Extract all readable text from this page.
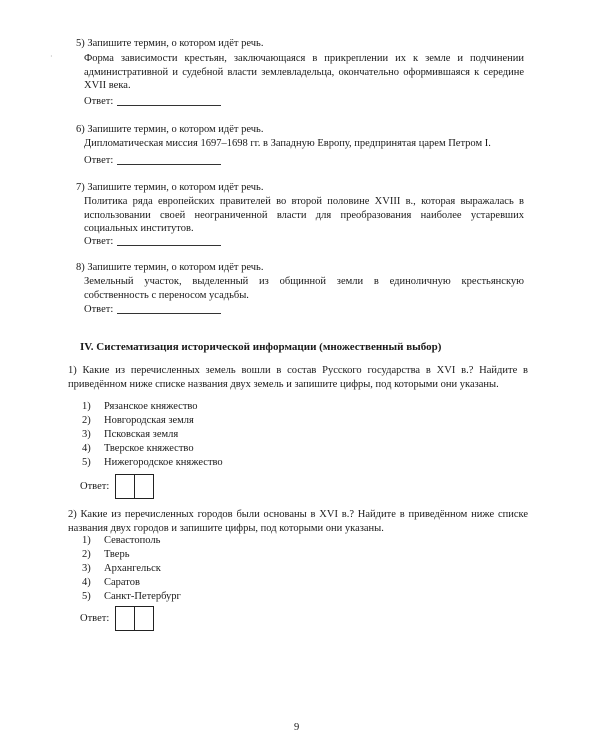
·
5) Запишите термин, о котором идёт речь.
Форма зависимости крестьян, заключающаяся в прикреплении их к земле и подчинении административной и судебной власти землевладельца, окончательно оформившаяся к середине XVII века.
Ответ:
6) Запишите термин, о котором идёт речь.
Дипломатическая миссия 1697–1698 гг. в Западную Европу, предпринятая царем Петром I.
Ответ:
7) Запишите термин, о котором идёт речь.
Политика ряда европейских правителей во второй половине XVIII в., которая выражалась в использовании своей неограниченной власти для преобразования наиболее устаревших социальных институтов.
Ответ:
8) Запишите термин, о котором идёт речь.
Земельный участок, выделенный из общинной земли в единоличную крестьянскую собственность с переносом усадьбы.
Ответ:
IV. Систематизация исторической информации (множественный выбор)
1) Какие из перечисленных земель вошли в состав Русского государства в XVI в.? Найдите в приведённом ниже списке названия двух земель и запишите цифры, под которыми они указаны.
1) Рязанское княжество
2) Новгородская земля
3) Псковская земля
4) Тверское княжество
5) Нижегородское княжество
Ответ:
2) Какие из перечисленных городов были основаны в XVI в.? Найдите в приведённом ниже списке названия двух городов и запишите цифры, под которыми они указаны.
1) Севастополь
2) Тверь
3) Архангельск
4) Саратов
5) Санкт-Петербург
Ответ:
9
